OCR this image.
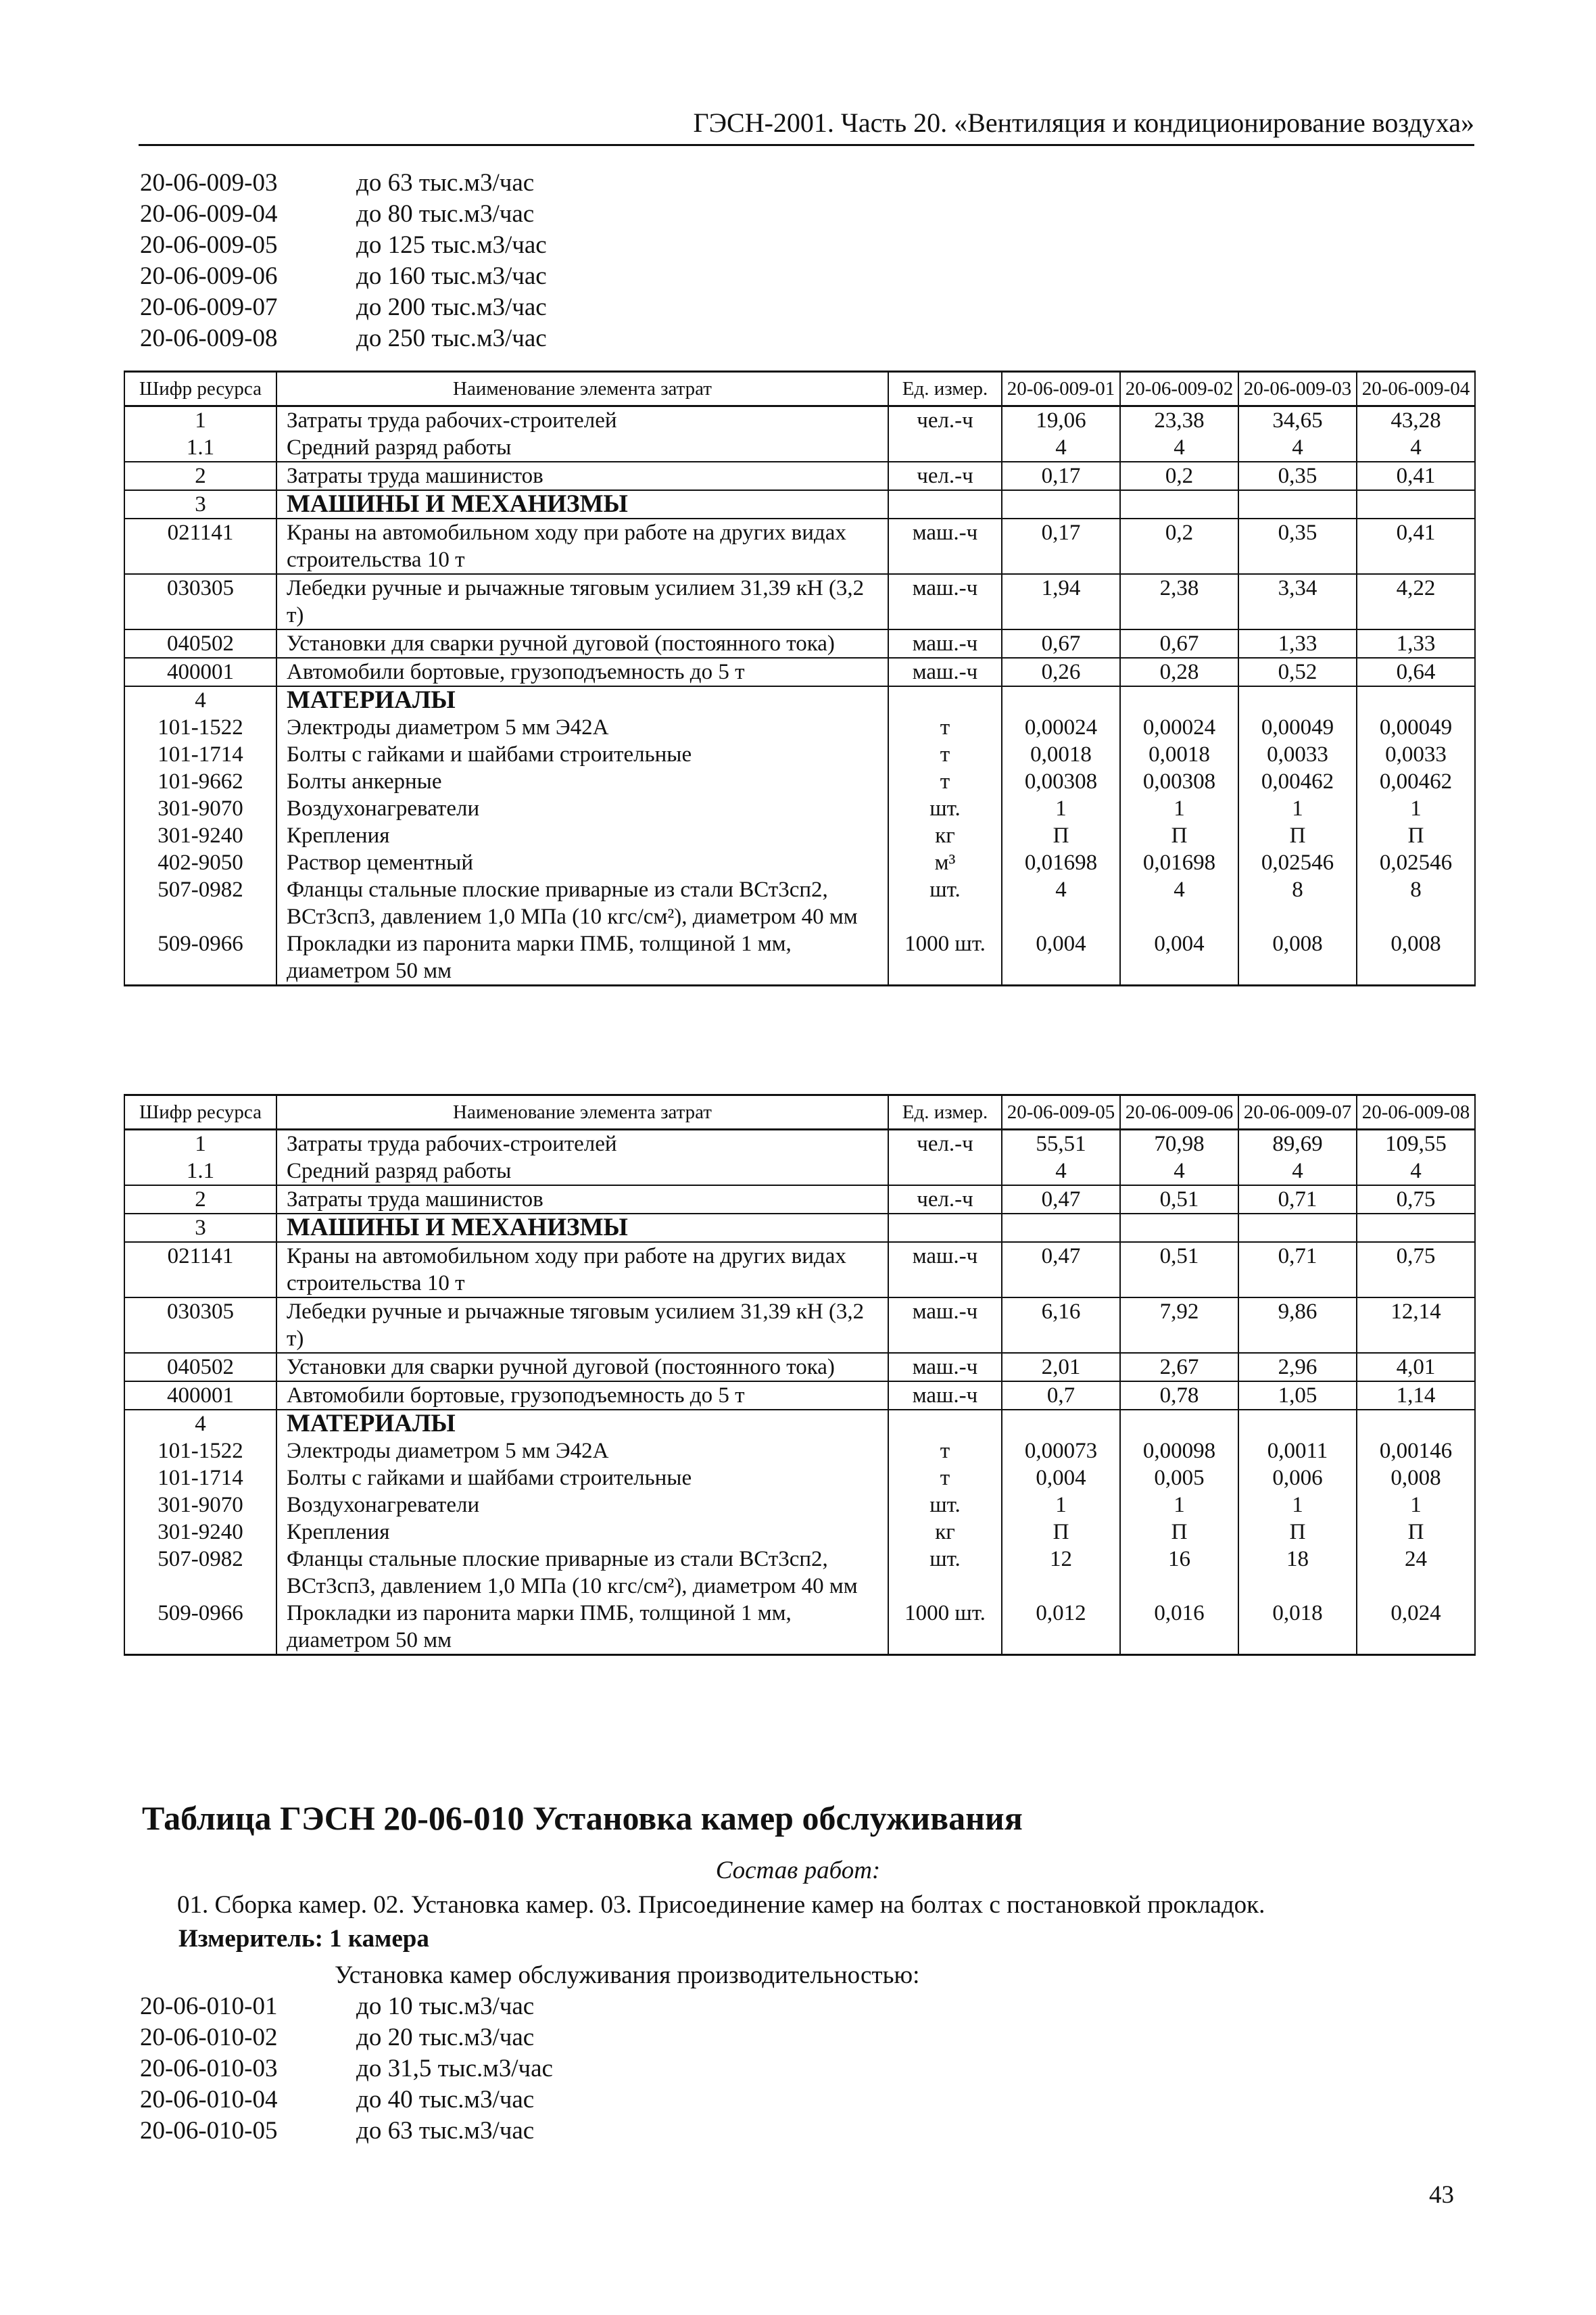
ГЭСН-2001. Часть 20. «Вентиляция и кондиционирование воздуха»
20-06-009-03	до 63 тыс.м3/час
20-06-009-04	до 80 тыс.м3/час
20-06-009-05	до 125 тыс.м3/час
20-06-009-06	до 160 тыс.м3/час
20-06-009-07	до 200 тыс.м3/час
20-06-009-08	до 250 тыс.м3/час
Шифр ресурса	Наименование элемента затрат	Ед. измер.	20-06-009-01	20-06-009-02	20-06-009-03	20-06-009-04
1	Затраты труда рабочих-строителей	чел.-ч	19,06	23,38	34,65	43,28
1.1	Средний разряд работы		4	4	4	4
2	Затраты труда машинистов	чел.-ч	0,17	0,2	0,35	0,41
3	МАШИНЫ И МЕХАНИЗМЫ					
021141	Краны на автомобильном ходу при работе на других видах строительства 10 т	маш.-ч	0,17	0,2	0,35	0,41
030305	Лебедки ручные и рычажные тяговым усилием 31,39 кН (3,2 т)	маш.-ч	1,94	2,38	3,34	4,22
040502	Установки для сварки ручной дуговой (постоянного тока)	маш.-ч	0,67	0,67	1,33	1,33
400001	Автомобили бортовые, грузоподъемность до 5 т	маш.-ч	0,26	0,28	0,52	0,64
4	МАТЕРИАЛЫ					
101-1522	Электроды диаметром 5 мм Э42А	т	0,00024	0,00024	0,00049	0,00049
101-1714	Болты с гайками и шайбами строительные	т	0,0018	0,0018	0,0033	0,0033
101-9662	Болты анкерные	т	0,00308	0,00308	0,00462	0,00462
301-9070	Воздухонагреватели	шт.	1	1	1	1
301-9240	Крепления	кг	П	П	П	П
402-9050	Раствор цементный	м³	0,01698	0,01698	0,02546	0,02546
507-0982	Фланцы стальные плоские приварные из стали ВСт3сп2, ВСт3сп3, давлением 1,0 МПа (10 кгс/см²), диаметром 40 мм	шт.	4	4	8	8
509-0966	Прокладки из паронита марки ПМБ, толщиной 1 мм, диаметром 50 мм	1000 шт.	0,004	0,004	0,008	0,008
Шифр ресурса	Наименование элемента затрат	Ед. измер.	20-06-009-05	20-06-009-06	20-06-009-07	20-06-009-08
1	Затраты труда рабочих-строителей	чел.-ч	55,51	70,98	89,69	109,55
1.1	Средний разряд работы		4	4	4	4
2	Затраты труда машинистов	чел.-ч	0,47	0,51	0,71	0,75
3	МАШИНЫ И МЕХАНИЗМЫ					
021141	Краны на автомобильном ходу при работе на других видах строительства 10 т	маш.-ч	0,47	0,51	0,71	0,75
030305	Лебедки ручные и рычажные тяговым усилием 31,39 кН (3,2 т)	маш.-ч	6,16	7,92	9,86	12,14
040502	Установки для сварки ручной дуговой (постоянного тока)	маш.-ч	2,01	2,67	2,96	4,01
400001	Автомобили бортовые, грузоподъемность до 5 т	маш.-ч	0,7	0,78	1,05	1,14
4	МАТЕРИАЛЫ					
101-1522	Электроды диаметром 5 мм Э42А	т	0,00073	0,00098	0,0011	0,00146
101-1714	Болты с гайками и шайбами строительные	т	0,004	0,005	0,006	0,008
301-9070	Воздухонагреватели	шт.	1	1	1	1
301-9240	Крепления	кг	П	П	П	П
507-0982	Фланцы стальные плоские приварные из стали ВСт3сп2, ВСт3сп3, давлением 1,0 МПа (10 кгс/см²), диаметром 40 мм	шт.	12	16	18	24
509-0966	Прокладки из паронита марки ПМБ, толщиной 1 мм, диаметром 50 мм	1000 шт.	0,012	0,016	0,018	0,024
Таблица ГЭСН 20-06-010 Установка камер обслуживания
Состав работ:
01. Сборка камер. 02. Установка камер. 03. Присоединение камер на болтах с постановкой прокладок.
Измеритель: 1 камера
Установка камер обслуживания производительностью:
20-06-010-01	до 10 тыс.м3/час
20-06-010-02	до 20 тыс.м3/час
20-06-010-03	до 31,5 тыс.м3/час
20-06-010-04	до 40 тыс.м3/час
20-06-010-05	до 63 тыс.м3/час
43
